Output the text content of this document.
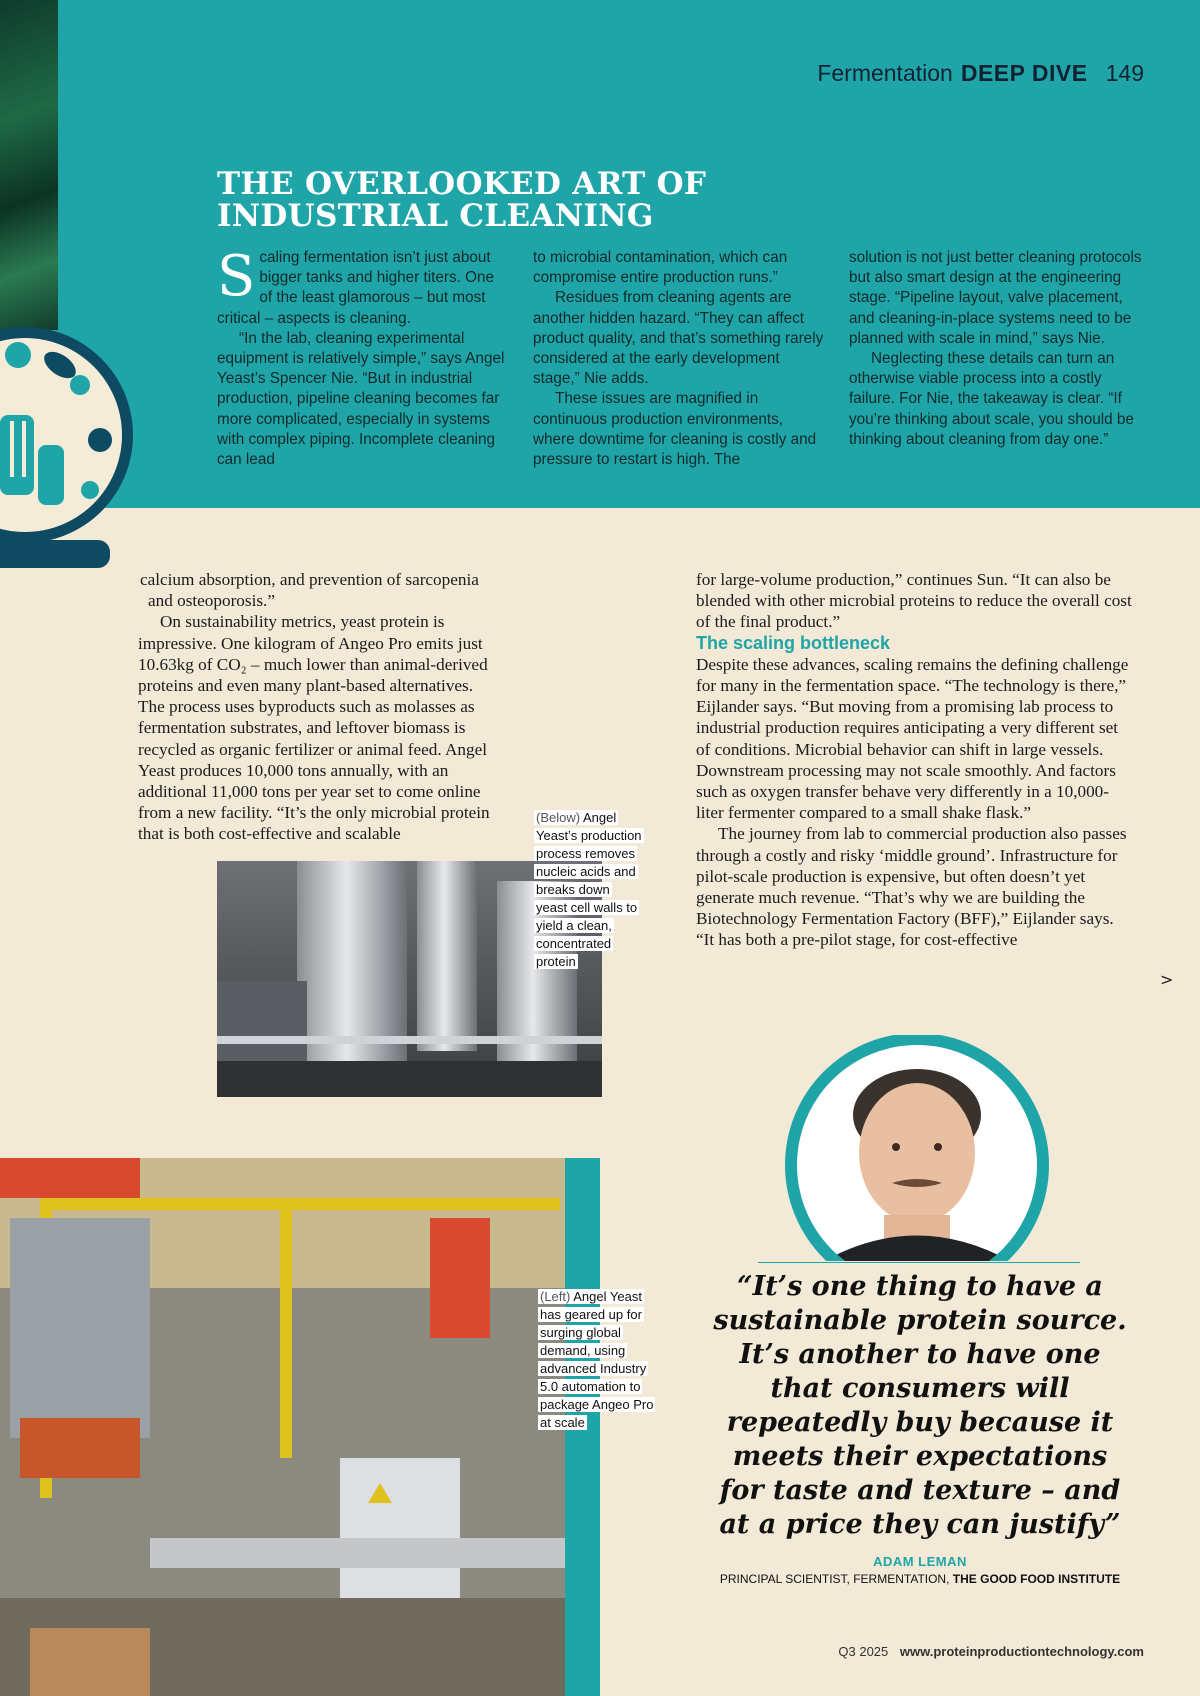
Fermentation DEEP DIVE 149
THE OVERLOOKED ART OF INDUSTRIAL CLEANING

Scaling fermentation isn’t just about bigger tanks and higher titers. One of the least glamorous – but most critical – aspects is cleaning.

“In the lab, cleaning experimental equipment is relatively simple,” says Angel Yeast’s Spencer Nie. “But in industrial production, pipeline cleaning becomes far more complicated, especially in systems with complex piping. Incomplete cleaning can lead

to microbial contamination, which can compromise entire production runs.”

Residues from cleaning agents are another hidden hazard. “They can affect product quality, and that’s something rarely considered at the early development stage,” Nie adds.

These issues are magnified in continuous production environments, where downtime for cleaning is costly and pressure to restart is high. The

solution is not just better cleaning protocols but also smart design at the engineering stage. “Pipeline layout, valve placement, and cleaning-in-place systems need to be planned with scale in mind,” says Nie.

Neglecting these details can turn an otherwise viable process into a costly failure. For Nie, the takeaway is clear. “If you’re thinking about scale, you should be thinking about cleaning from day one.”

calcium absorption, and prevention of sarcopenia and osteoporosis.”

On sustainability metrics, yeast protein is impressive. One kilogram of Angeo Pro emits just 10.63kg of CO₂ – much lower than animal-derived proteins and even many plant-based alternatives. The process uses byproducts such as molasses as fermentation substrates, and leftover biomass is recycled as organic fertilizer or animal feed. Angel Yeast produces 10,000 tons annually, with an additional 11,000 tons per year set to come online from a new facility. “It’s the only microbial protein that is both cost-effective and scalable

(Below) Angel
Yeast’s production
process removes
nucleic acids and
breaks down
yeast cell walls to
yield a clean,
concentrated
protein
(Left) Angel Yeast
has geared up for
surging global
demand, using
advanced Industry
5.0 automation to
package Angeo Pro
at scale

for large-volume production,” continues Sun. “It can also be blended with other microbial proteins to reduce the overall cost of the final product.”

The scaling bottleneck

Despite these advances, scaling remains the defining challenge for many in the fermentation space. “The technology is there,” Eijlander says. “But moving from a promising lab process to industrial production requires anticipating a very different set of conditions. Microbial behavior can shift in large vessels. Downstream processing may not scale smoothly. And factors such as oxygen transfer behave very differently in a 10,000-liter fermenter compared to a small shake flask.”

The journey from lab to commercial production also passes through a costly and risky ‘middle ground’. Infrastructure for pilot-scale production is expensive, but often doesn’t yet generate much revenue. “That’s why we are building the Biotechnology Fermentation Factory (BFF),” Eijlander says. “It has both a pre-pilot stage, for cost-effective

>

“It’s one thing to have a sustainable protein source. It’s another to have one that consumers will repeatedly buy because it meets their expectations for taste and texture – and at a price they can justify”

ADAM LEMAN
PRINCIPAL SCIENTIST, FERMENTATION, THE GOOD FOOD INSTITUTE
Q3 2025 www.proteinproductiontechnology.com
